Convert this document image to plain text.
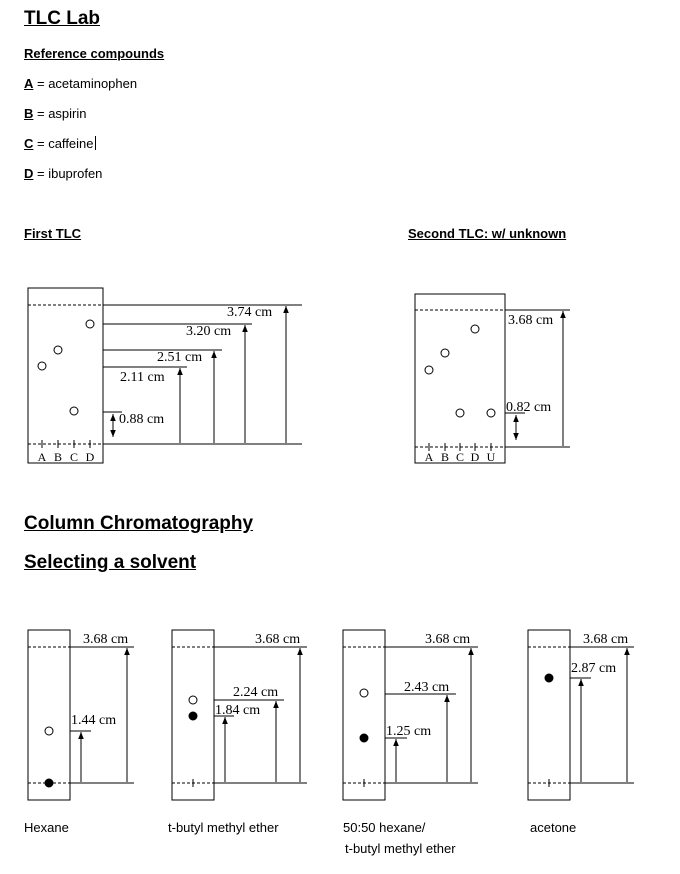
TLC Lab
Reference compounds
A = acetaminophen
B = aspirin
C = caffeine
D = ibuprofen
First TLC	Second TLC: w/ unknown
Column Chromatography
Selecting a solvent
Hexane	t-butyl methyl ether	50:50 hexane/
t-butyl methyl ether
acetone
A B C D
3.74 cm
3.20 cm
2.51 cm
2.11 cm
0.88 cm
A B C D U
3.68 cm
0.82 cm
3.68 cm
1.44 cm
3.68 cm
2.24 cm
1.84 cm
3.68 cm
2.43 cm
1.25 cm
3.68 cm
2.87 cm
